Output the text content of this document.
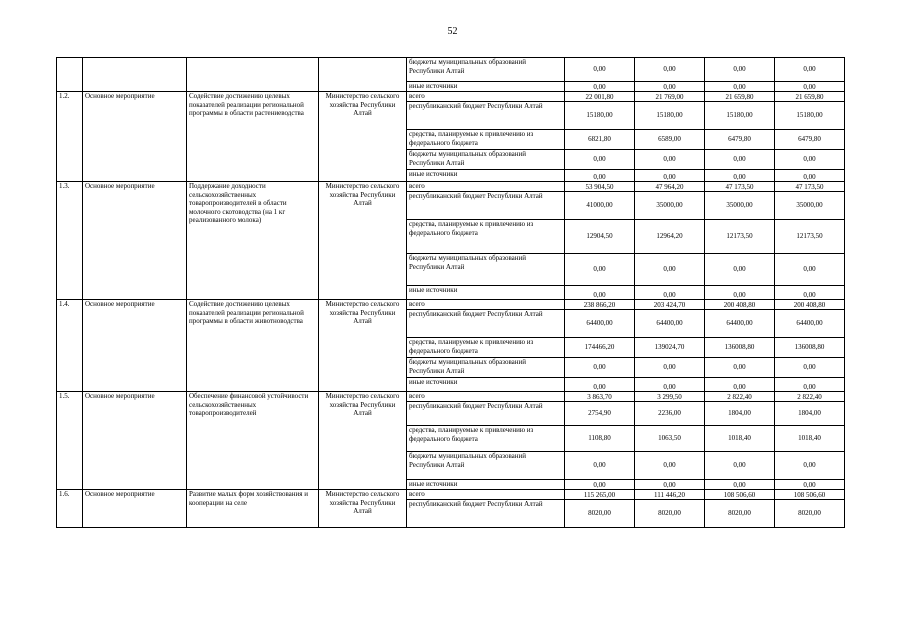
52
				бюджеты муниципальных образований Республики Алтай	0,00	0,00	0,00	0,00
				иные источники	0,00	0,00	0,00	0,00
1.2.	Основное мероприятие	Содействие достижению целевых показателей реализации региональной программы в области растениеводства	Министерство сельского хозяйства Республики Алтай	всего	22 001,80	21 769,00	21 659,80	21 659,80
				республиканский бюджет Республики Алтай	15180,00	15180,00	15180,00	15180,00
				средства, планируемые к привлечению из федерального бюджета	6821,80	6589,00	6479,80	6479,80
				бюджеты муниципальных образований Республики Алтай	0,00	0,00	0,00	0,00
				иные источники	0,00	0,00	0,00	0,00
1.3.	Основное мероприятие	Поддержание доходности сельскохозяйственных товаропроизводителей в области молочного скотоводства (на 1 кг реализованного молока)	Министерство сельского хозяйства Республики Алтай	всего	53 904,50	47 964,20	47 173,50	47 173,50
				республиканский бюджет Республики Алтай	41000,00	35000,00	35000,00	35000,00
				средства, планируемые к привлечению из федерального бюджета	12904,50	12964,20	12173,50	12173,50
				бюджеты муниципальных образований Республики Алтай	0,00	0,00	0,00	0,00
				иные источники	0,00	0,00	0,00	0,00
1.4.	Основное мероприятие	Содействие достижению целевых показателей реализации региональной программы в области животноводства	Министерство сельского хозяйства Республики Алтай	всего	238 866,20	203 424,70	200 408,80	200 408,80
				республиканский бюджет Республики Алтай	64400,00	64400,00	64400,00	64400,00
				средства, планируемые к привлечению из федерального бюджета	174466,20	139024,70	136008,80	136008,80
				бюджеты муниципальных образований Республики Алтай	0,00	0,00	0,00	0,00
				иные источники	0,00	0,00	0,00	0,00
1.5.	Основное мероприятие	Обеспечение финансовой устойчивости сельскохозяйственных товаропроизводителей	Министерство сельского хозяйства Республики Алтай	всего	3 863,70	3 299,50	2 822,40	2 822,40
				республиканский бюджет Республики Алтай	2754,90	2236,00	1804,00	1804,00
				средства, планируемые к привлечению из федерального бюджета	1108,80	1063,50	1018,40	1018,40
				бюджеты муниципальных образований Республики Алтай	0,00	0,00	0,00	0,00
				иные источники	0,00	0,00	0,00	0,00
1.6.	Основное мероприятие	Развитие малых форм хозяйствования и кооперации на селе	Министерство сельского хозяйства Республики Алтай	всего	115 265,00	111 446,20	108 506,60	108 506,60
				республиканский бюджет Республики Алтай	8020,00	8020,00	8020,00	8020,00
